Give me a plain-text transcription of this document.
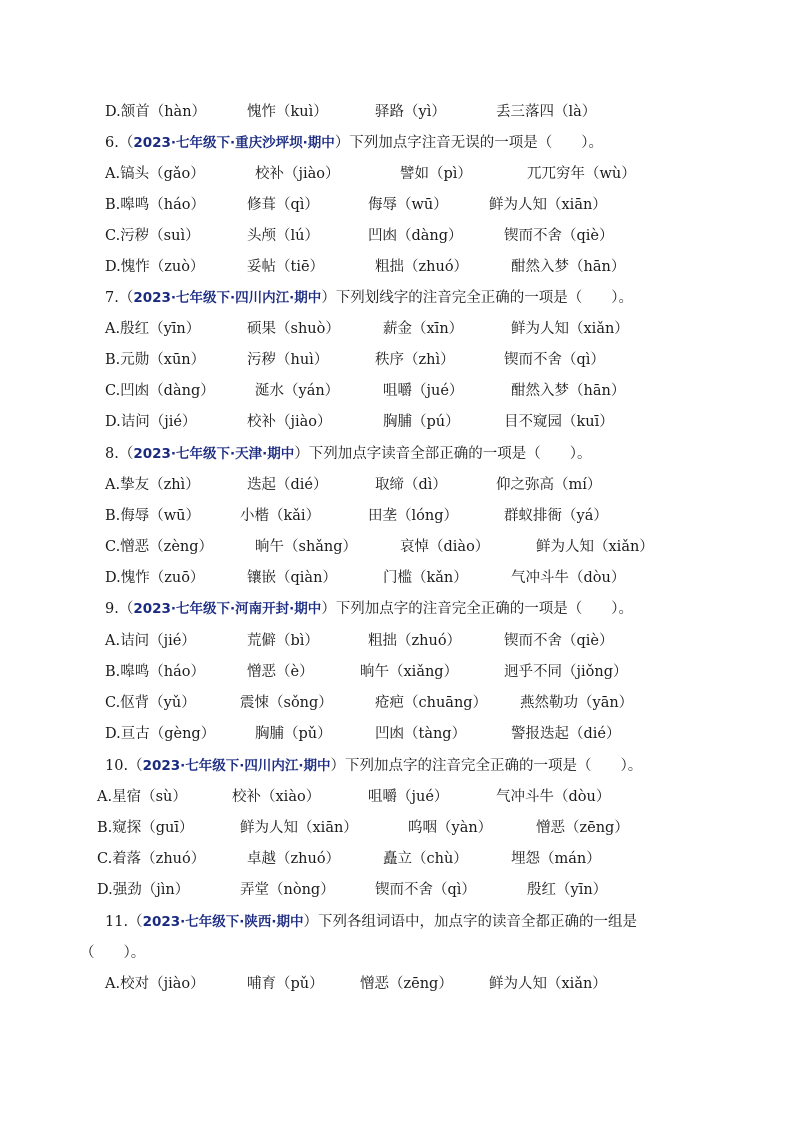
D.颔首（hàn）	愧怍（kuì）	驿路（yì）	丢三落四（là）
6.（2023·七年级下·重庆沙坪坝·期中）下列加点字注音无误的一项是（　　）。
A.镐头（gǎo）	校补（jiào）	譬如（pì）	兀兀穷年（wù）
B.嗥鸣（háo）	修葺（qì）	侮辱（wū）	鲜为人知（xiān）
C.污秽（suì）	头颅（lú）	凹凼（dàng）	锲而不舍（qiè）
D.愧怍（zuò）	妥帖（tiē）	粗拙（zhuó）	酣然入梦（hān）
7.（2023·七年级下·四川内江·期中）下列划线字的注音完全正确的一项是（　　）。
A.殷红（yīn）	硕果（shuò）	薪金（xīn）	鲜为人知（xiǎn）
B.元勋（xūn）	污秽（huì）	秩序（zhì）	锲而不舍（qì）
C.凹凼（dàng）	涎水（yán）	咀嚼（jué）	酣然入梦（hān）
D.诘问（jié）	校补（jiào）	胸脯（pú）	目不窥园（kuī）
8.（2023·七年级下·天津·期中）下列加点字读音全部正确的一项是（　　）。
A.挚友（zhì）	迭起（dié）	取缔（dì）	仰之弥高（mí）
B.侮辱（wū）	小楷（kǎi）	田垄（lóng）	群蚁排衙（yá）
C.憎恶（zèng）	晌午（shǎng）	哀悼（diào）	鲜为人知（xiǎn）
D.愧怍（zuō）	镶嵌（qiàn）	门槛（kǎn）	气冲斗牛（dòu）
9.（2023·七年级下·河南开封·期中）下列加点字的注音完全正确的一项是（　　）。
A.诘问（jié）	荒僻（bì）	粗拙（zhuó）	锲而不舍（qiè）
B.嗥鸣（háo）	憎恶（è）	晌午（xiǎng）	迥乎不同（jiǒng）
C.伛背（yǔ）	震悚（sǒng）	疮疤（chuāng） 燕然勒功（yān）
D.亘古（gèng）	胸脯（pǔ）	凹凼（tàng）	警报迭起（dié）
10.（2023·七年级下·四川内江·期中）下列加点字的注音完全正确的一项是（　　）。
A.星宿（sù）	校补（xiào）	咀嚼（jué）	气冲斗牛（dòu）
B.窥探（guī）	鲜为人知（xiān）	呜咽（yàn）	憎恶（zēng）
C.着落（zhuó）	卓越（zhuó）	矗立（chù）	埋怨（mán）
D.强劲（jìn）	弄堂（nòng）	锲而不舍（qì）	殷红（yīn）
11.（2023·七年级下·陕西·期中）下列各组词语中，加点字的读音全都正确的一组是
（　　）。
A.校对（jiào）	哺育（pǔ）	憎恶（zēng） 鲜为人知（xiǎn）
